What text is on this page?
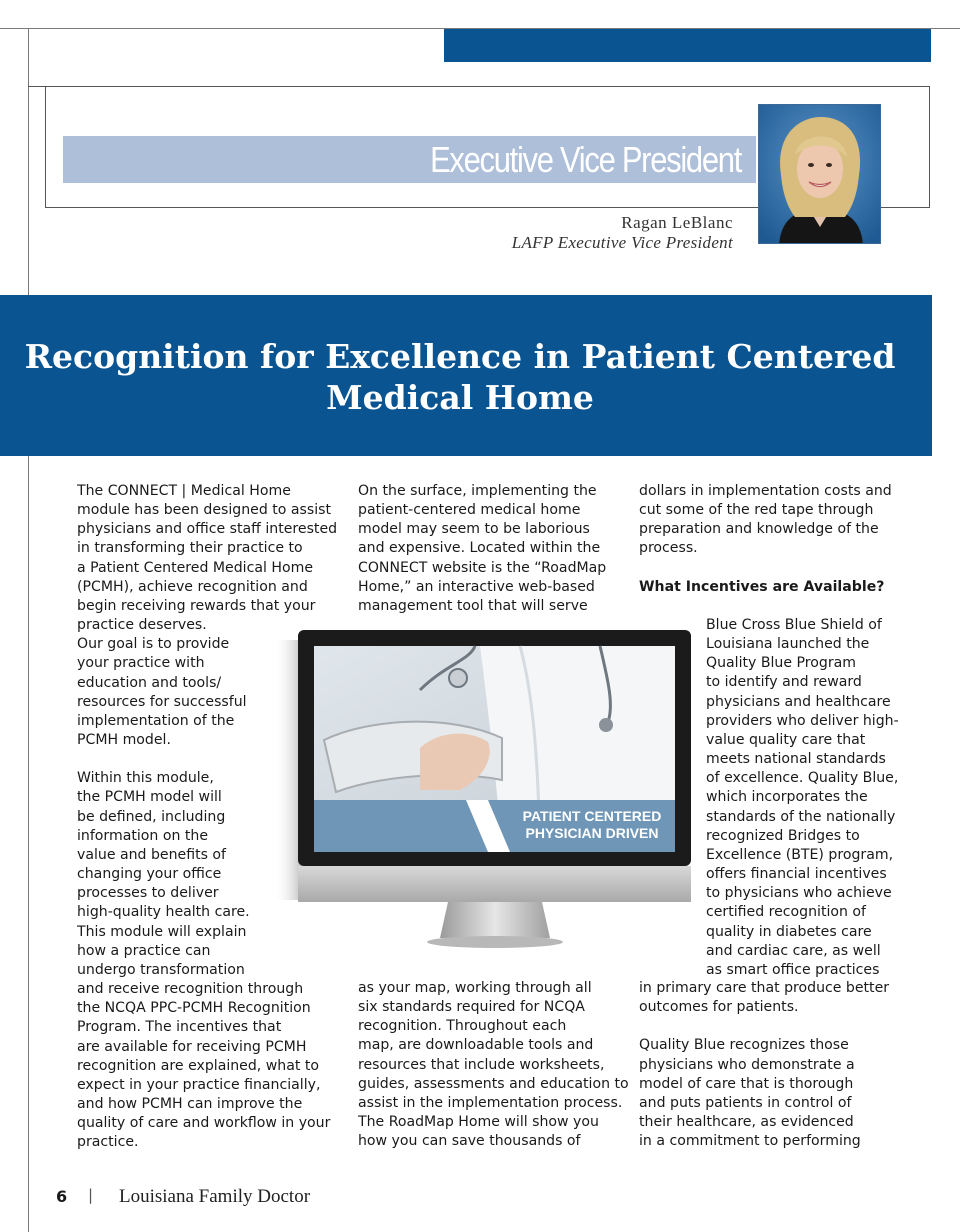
Executive Vice President
Ragan LeBlanc
LAFP Executive Vice President
Recognition for Excellence in Patient Centered
Medical Home

The CONNECT | Medical Home

module has been designed to assist

physicians and office staff interested

in transforming their practice to

a Patient Centered Medical Home

(PCMH), achieve recognition and

begin receiving rewards that your

practice deserves.

Our goal is to provide

your practice with

education and tools/

resources for successful

implementation of the

PCMH model.

Within this module,

the PCMH model will

be defined, including

information on the

value and benefits of

changing your office

processes to deliver

high-quality health care.

This module will explain

how a practice can

undergo transformation

and receive recognition through

the NCQA PPC-PCMH Recognition

Program. The incentives that

are available for receiving PCMH

recognition are explained, what to

expect in your practice financially,

and how PCMH can improve the

quality of care and workflow in your

practice.

On the surface, implementing the

patient-centered medical home

model may seem to be laborious

and expensive. Located within the

CONNECT website is the “RoadMap

Home,” an interactive web-based

management tool that will serve

as your map, working through all

six standards required for NCQA

recognition. Throughout each

map, are downloadable tools and

resources that include worksheets,

guides, assessments and education to

assist in the implementation process.

The RoadMap Home will show you

how you can save thousands of

dollars in implementation costs and

cut some of the red tape through

preparation and knowledge of the

process.

What Incentives are Available?

Blue Cross Blue Shield of

Louisiana launched the

Quality Blue Program

to identify and reward

physicians and healthcare

providers who deliver high-

value quality care that

meets national standards

of excellence. Quality Blue,

which incorporates the

standards of the nationally

recognized Bridges to

Excellence (BTE) program,

offers financial incentives

to physicians who achieve

certified recognition of

quality in diabetes care

and cardiac care, as well

as smart office practices

in primary care that produce better

outcomes for patients.

Quality Blue recognizes those

physicians who demonstrate a

model of care that is thorough

and puts patients in control of

their healthcare, as evidenced

in a commitment to performing

PATIENT CENTERED
PHYSICIAN DRIVEN
6 | Louisiana Family Doctor
